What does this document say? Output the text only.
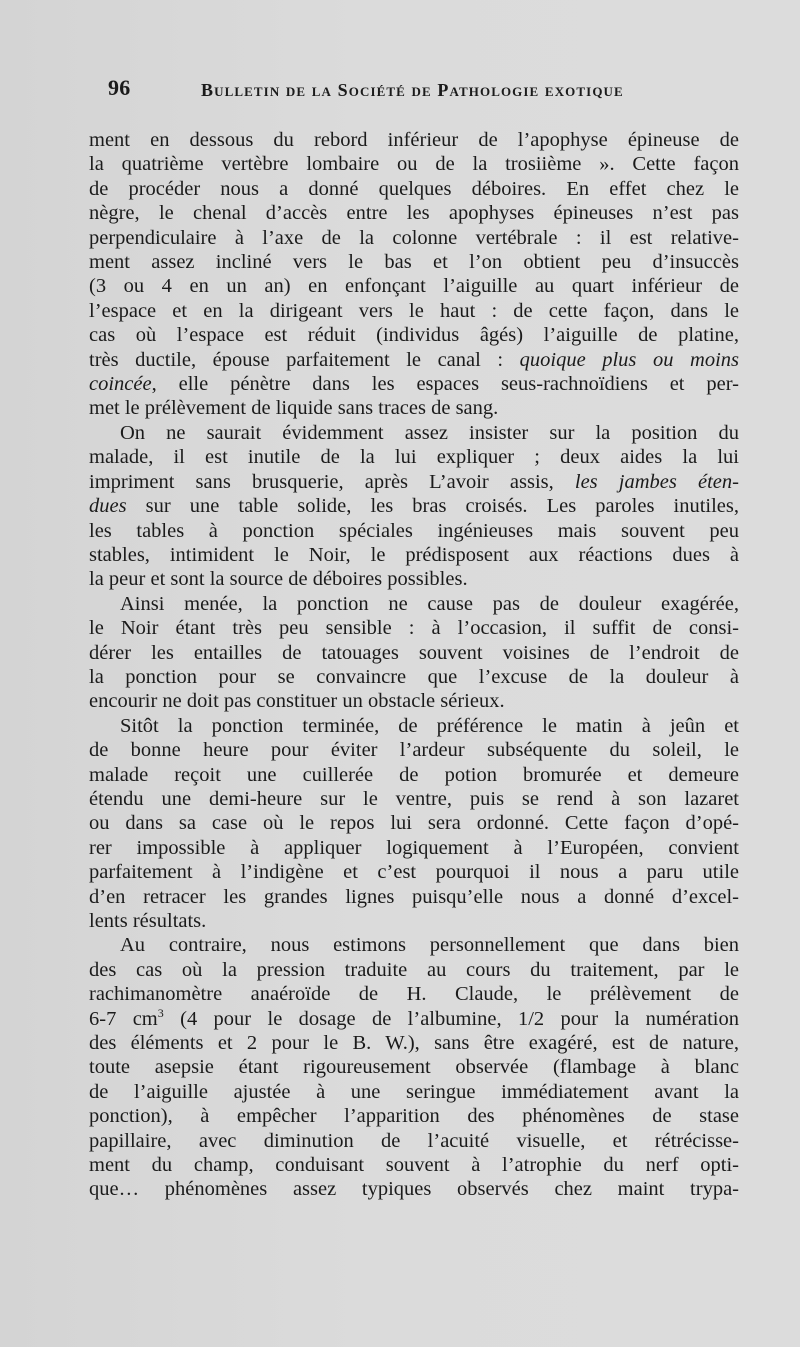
96	Bulletin de la Société de Pathologie exotique
ment en dessous du rebord inférieur de l’apophyse épineuse de
la quatrième vertèbre lombaire ou de la trosiième ». Cette façon
de procéder nous a donné quelques déboires. En effet chez le
nègre, le chenal d’accès entre les apophyses épineuses n’est pas
perpendiculaire à l’axe de la colonne vertébrale : il est relative-
ment assez incliné vers le bas et l’on obtient peu d’insuccès
(3 ou 4 en un an) en enfonçant l’aiguille au quart inférieur de
l’espace et en la dirigeant vers le haut : de cette façon, dans le
cas où l’espace est réduit (individus âgés) l’aiguille de platine,
très ductile, épouse parfaitement le canal : quoique plus ou moins
coincée, elle pénètre dans les espaces seus-rachnoïdiens et per-
met le prélèvement de liquide sans traces de sang.
On ne saurait évidemment assez insister sur la position du
malade, il est inutile de la lui expliquer ; deux aides la lui
impriment sans brusquerie, après L’avoir assis, les jambes éten-
dues sur une table solide, les bras croisés. Les paroles inutiles,
les tables à ponction spéciales ingénieuses mais souvent peu
stables, intimident le Noir, le prédisposent aux réactions dues à
la peur et sont la source de déboires possibles.
Ainsi menée, la ponction ne cause pas de douleur exagérée,
le Noir étant très peu sensible : à l’occasion, il suffit de consi-
dérer les entailles de tatouages souvent voisines de l’endroit de
la ponction pour se convaincre que l’excuse de la douleur à
encourir ne doit pas constituer un obstacle sérieux.
Sitôt la ponction terminée, de préférence le matin à jeûn et
de bonne heure pour éviter l’ardeur subséquente du soleil, le
malade reçoit une cuillerée de potion bromurée et demeure
étendu une demi-heure sur le ventre, puis se rend à son lazaret
ou dans sa case où le repos lui sera ordonné. Cette façon d’opé-
rer impossible à appliquer logiquement à l’Européen, convient
parfaitement à l’indigène et c’est pourquoi il nous a paru utile
d’en retracer les grandes lignes puisqu’elle nous a donné d’excel-
lents résultats.
Au contraire, nous estimons personnellement que dans bien
des cas où la pression traduite au cours du traitement, par le
rachimanomètre anaéroïde de H. Claude, le prélèvement de
6-7 $cm^3$ (4 pour le dosage de l’albumine, 1/2 pour la numération
des éléments et 2 pour le B. W.), sans être exagéré, est de nature,
toute asepsie étant rigoureusement observée (flambage à blanc
de l’aiguille ajustée à une seringue immédiatement avant la
ponction), à empêcher l’apparition des phénomènes de stase
papillaire, avec diminution de l’acuité visuelle, et rétrécisse-
ment du champ, conduisant souvent à l’atrophie du nerf opti-
que… phénomènes assez typiques observés chez maint trypa-
